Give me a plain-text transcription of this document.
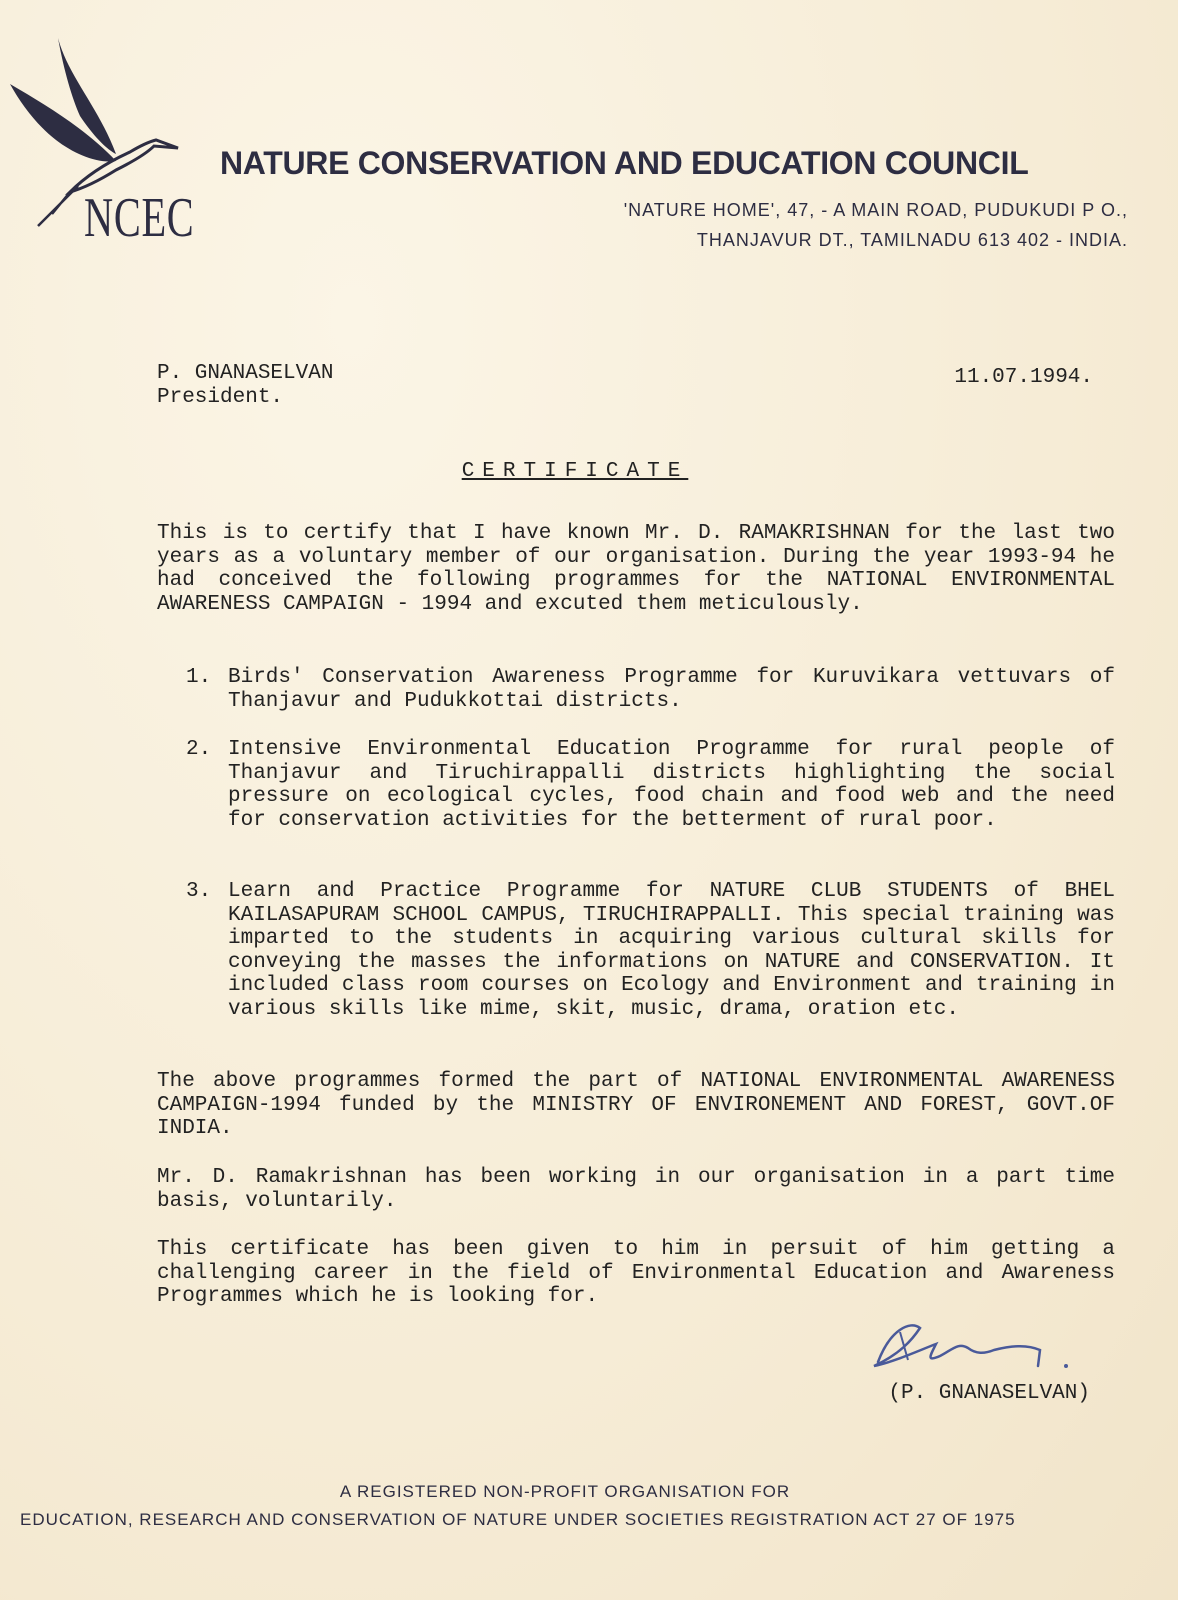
NCEC
NATURE CONSERVATION AND EDUCATION COUNCIL
'NATURE HOME', 47, - A MAIN ROAD, PUDUKUDI P O.,
THANJAVUR DT., TAMILNADU 613 402 - INDIA.
P. GNANASELVAN
President.
11.07.1994.
CERTIFICATE
This is to certify that I have known Mr. D. RAMAKRISHNAN for the last two years as a voluntary member of our organisation. During the year 1993-94 he had conceived the following programmes for the NATIONAL ENVIRONMENTAL AWARENESS CAMPAIGN - 1994 and excuted them meticulously.
1. Birds' Conservation Awareness Programme for Kuruvikara vettuvars of Thanjavur and Pudukkottai districts.
2. Intensive Environmental Education Programme for rural people of Thanjavur and Tiruchirappalli districts highlighting the social pressure on ecological cycles, food chain and food web and the need for conservation activities for the betterment of rural poor.
3. Learn and Practice Programme for NATURE CLUB STUDENTS of BHEL KAILASAPURAM SCHOOL CAMPUS, TIRUCHIRAPPALLI. This special training was imparted to the students in acquiring various cultural skills for conveying the masses the informations on NATURE and CONSERVATION. It included class room courses on Ecology and Environment and training in various skills like mime, skit, music, drama, oration etc.
The above programmes formed the part of NATIONAL ENVIRONMENTAL AWARENESS CAMPAIGN-1994 funded by the MINISTRY OF ENVIRONEMENT AND FOREST, GOVT.OF INDIA.
Mr. D. Ramakrishnan has been working in our organisation in a part time basis, voluntarily.
This certificate has been given to him in persuit of him getting a challenging career in the field of Environmental Education and Awareness Programmes which he is looking for.
(P. GNANASELVAN)
A REGISTERED NON-PROFIT ORGANISATION FOR
EDUCATION, RESEARCH AND CONSERVATION OF NATURE UNDER SOCIETIES REGISTRATION ACT 27 OF 1975
